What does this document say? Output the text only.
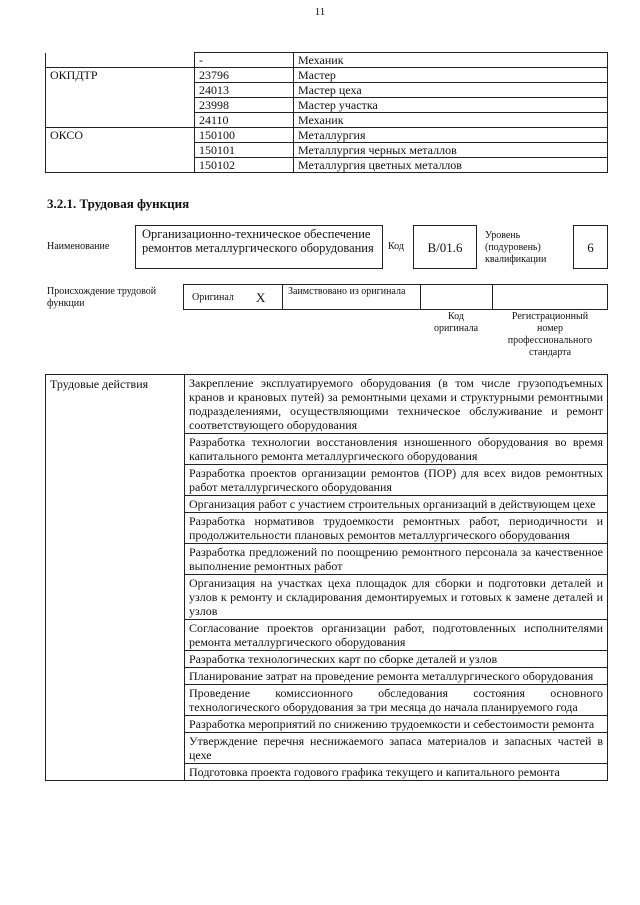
11
	-	Механик
ОКПДТР	23796	Мастер
	24013	Мастер цеха
	23998	Мастер участка
	24110	Механик
ОКСО	150100	Металлургия
	150101	Металлургия черных металлов
	150102	Металлургия цветных металлов
3.2.1. Трудовая функция
Наименование
Организационно-техническое обеспечение ремонтов металлургического оборудования	Код	B/01.6
Уровень (подуровень) квалификации
6
Происхождение трудовой функции
Оригинал X Заимствовано из оригинала
Код оригинала
Регистрационный номер профессионального стандарта
Трудовые действия	Закрепление эксплуатируемого оборудования (в том числе грузоподъемных кранов и крановых путей) за ремонтными цехами и структурными ремонтными подразделениями, осуществляющими техническое обслуживание и ремонт соответствующего оборудования
Разработка технологии восстановления изношенного оборудования во время капитального ремонта металлургического оборудования
Разработка проектов организации ремонтов (ПОР) для всех видов ремонтных работ металлургического оборудования
Организация работ с участием строительных организаций в действующем цехе
Разработка нормативов трудоемкости ремонтных работ, периодичности и продолжительности плановых ремонтов металлургического оборудования
Разработка предложений по поощрению ремонтного персонала за качественное выполнение ремонтных работ
Организация на участках цеха площадок для сборки и подготовки деталей и узлов к ремонту и складирования демонтируемых и готовых к замене деталей и узлов
Согласование проектов организации работ, подготовленных исполнителями ремонта металлургического оборудования
Разработка технологических карт по сборке деталей и узлов
Планирование затрат на проведение ремонта металлургического оборудования
Проведение комиссионного обследования состояния основного технологического оборудования за три месяца до начала планируемого года
Разработка мероприятий по снижению трудоемкости и себестоимости ремонта
Утверждение перечня неснижаемого запаса материалов и запасных частей в цехе
Подготовка проекта годового графика текущего и капитального ремонта
